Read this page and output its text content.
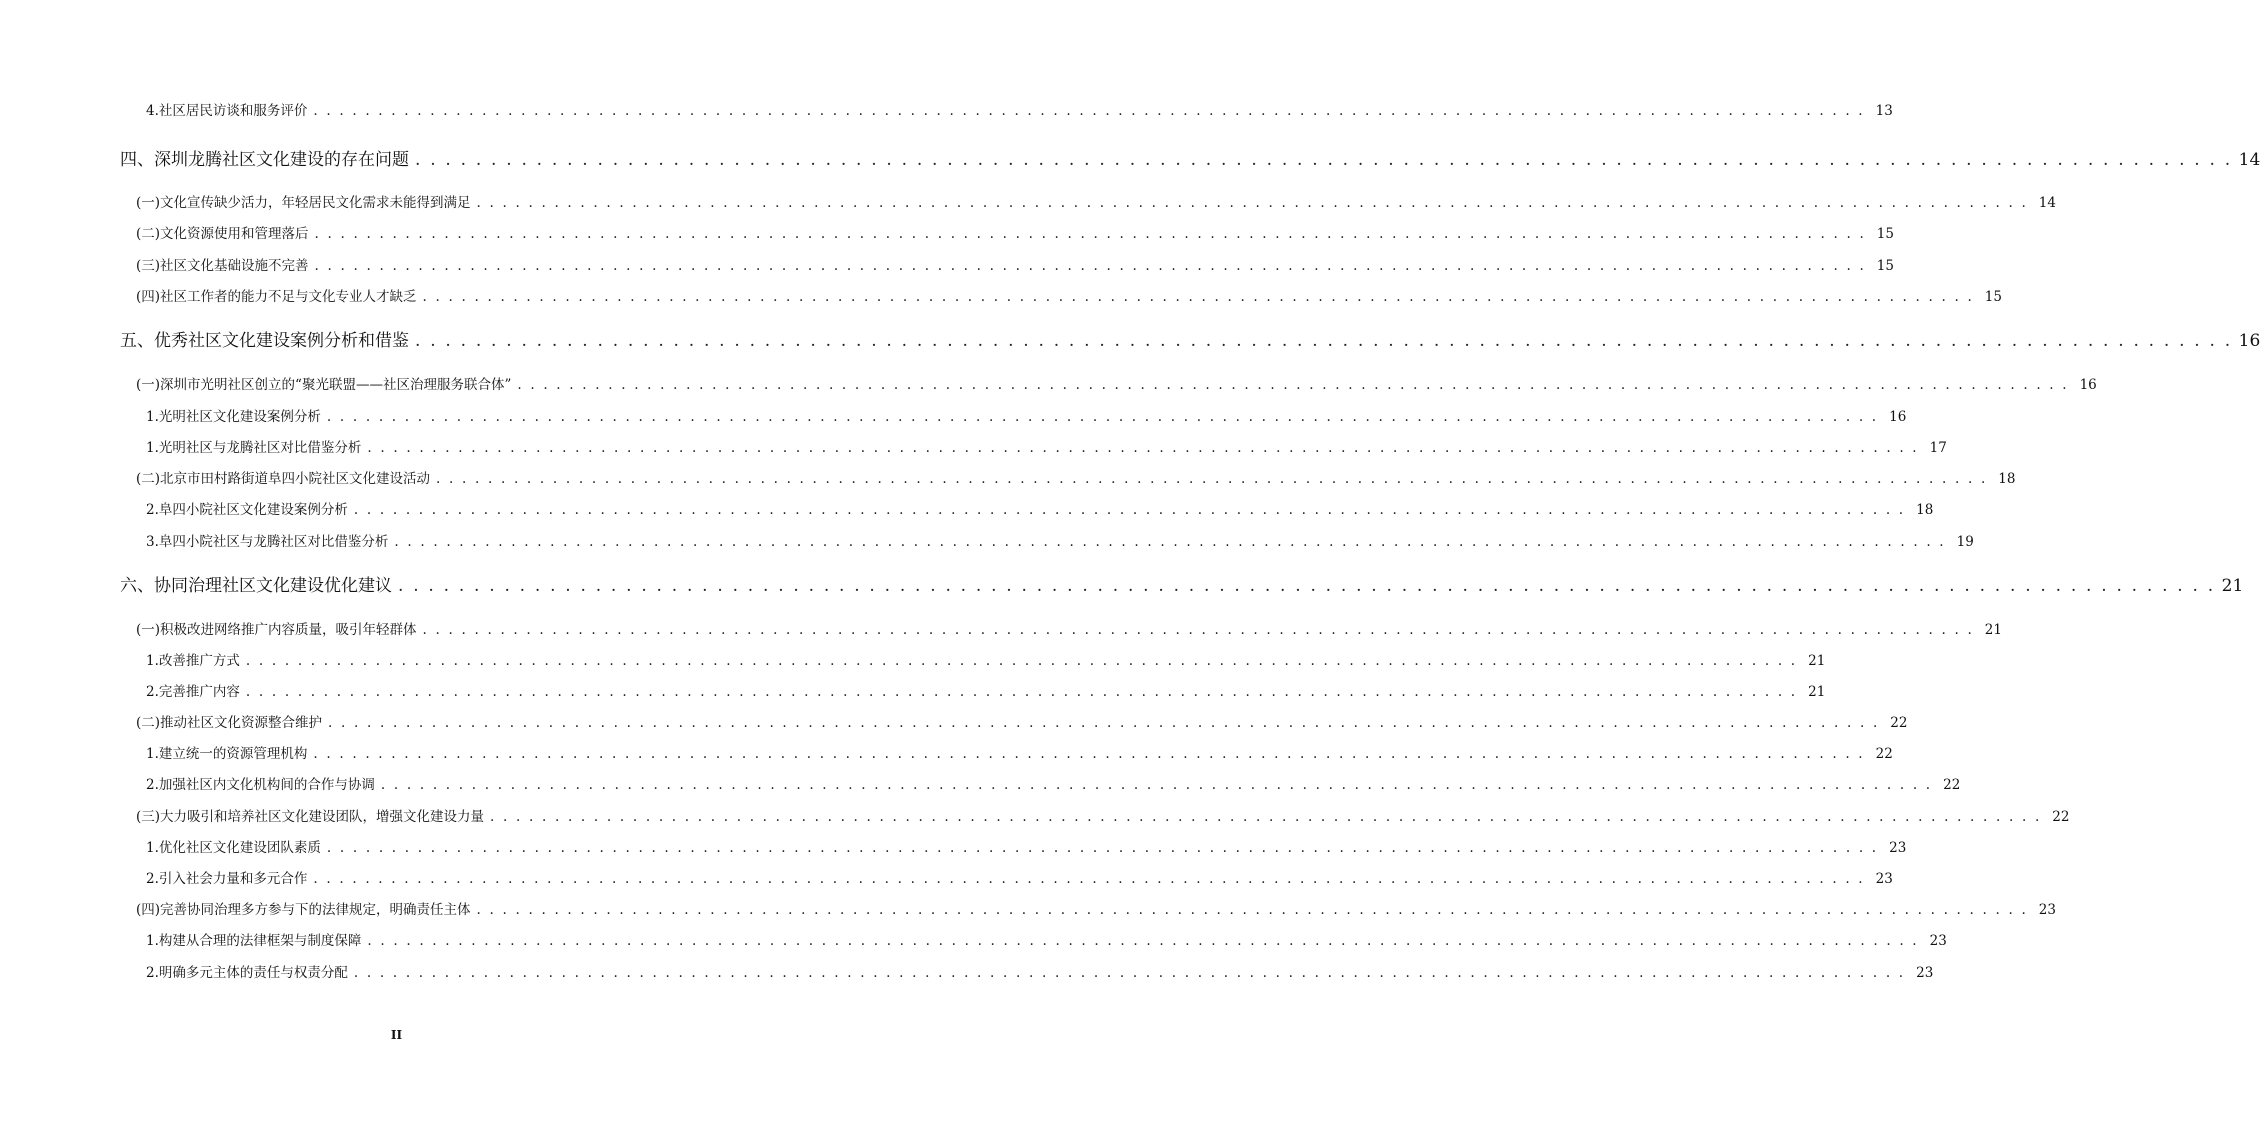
4. 社区居民访谈和服务评价 . . . . . . . . . . . . . . . . . . . . . . . . . . . . . . . . . . . . . . . . . . . . . . . . . . . . . . . . . . . . . . . . . . . . . . . . . . . . . . . . . . . . . . . . . . . . . . . . . . . . . . . . . . . . . . . . . . . . . . . . 13
四、 深圳龙腾社区文化建设的存在问题 . . . . . . . . . . . . . . . . . . . . . . . . . . . . . . . . . . . . . . . . . . . . . . . . . . . . . . . . . . . . . . . . . . . . . . . . . . . . . . . . . . . . . . . . . . . . . . . . . . . . . . . . . . . . . . . . . . . . . . . . 14
(一) 文化宣传缺少活力，年轻居民文化需求未能得到满足 . . . . . . . . . . . . . . . . . . . . . . . . . . . . . . . . . . . . . . . . . . . . . . . . . . . . . . . . . . . . . . . . . . . . . . . . . . . . . . . . . . . . . . . . . . . . . . . . . . . . . . . . . . . . . . . . . . . . . . . . 14
(二) 文化资源使用和管理落后 . . . . . . . . . . . . . . . . . . . . . . . . . . . . . . . . . . . . . . . . . . . . . . . . . . . . . . . . . . . . . . . . . . . . . . . . . . . . . . . . . . . . . . . . . . . . . . . . . . . . . . . . . . . . . . . . . . . . . . . . 15
(三) 社区文化基础设施不完善 . . . . . . . . . . . . . . . . . . . . . . . . . . . . . . . . . . . . . . . . . . . . . . . . . . . . . . . . . . . . . . . . . . . . . . . . . . . . . . . . . . . . . . . . . . . . . . . . . . . . . . . . . . . . . . . . . . . . . . . . 15
(四) 社区工作者的能力不足与文化专业人才缺乏 . . . . . . . . . . . . . . . . . . . . . . . . . . . . . . . . . . . . . . . . . . . . . . . . . . . . . . . . . . . . . . . . . . . . . . . . . . . . . . . . . . . . . . . . . . . . . . . . . . . . . . . . . . . . . . . . . . . . . . . . 15
五、 优秀社区文化建设案例分析和借鉴 . . . . . . . . . . . . . . . . . . . . . . . . . . . . . . . . . . . . . . . . . . . . . . . . . . . . . . . . . . . . . . . . . . . . . . . . . . . . . . . . . . . . . . . . . . . . . . . . . . . . . . . . . . . . . . . . . . . . . . . . 16
(一) 深圳市光明社区创立的“聚光联盟——社区治理服务联合体” . . . . . . . . . . . . . . . . . . . . . . . . . . . . . . . . . . . . . . . . . . . . . . . . . . . . . . . . . . . . . . . . . . . . . . . . . . . . . . . . . . . . . . . . . . . . . . . . . . . . . . . . . . . . . . . . . . . . . . . . 16
1. 光明社区文化建设案例分析 . . . . . . . . . . . . . . . . . . . . . . . . . . . . . . . . . . . . . . . . . . . . . . . . . . . . . . . . . . . . . . . . . . . . . . . . . . . . . . . . . . . . . . . . . . . . . . . . . . . . . . . . . . . . . . . . . . . . . . . . 16
1. 光明社区与龙腾社区对比借鉴分析 . . . . . . . . . . . . . . . . . . . . . . . . . . . . . . . . . . . . . . . . . . . . . . . . . . . . . . . . . . . . . . . . . . . . . . . . . . . . . . . . . . . . . . . . . . . . . . . . . . . . . . . . . . . . . . . . . . . . . . . . 17
(二) 北京市田村路街道阜四小院社区文化建设活动 . . . . . . . . . . . . . . . . . . . . . . . . . . . . . . . . . . . . . . . . . . . . . . . . . . . . . . . . . . . . . . . . . . . . . . . . . . . . . . . . . . . . . . . . . . . . . . . . . . . . . . . . . . . . . . . . . . . . . . . . 18
2. 阜四小院社区文化建设案例分析 . . . . . . . . . . . . . . . . . . . . . . . . . . . . . . . . . . . . . . . . . . . . . . . . . . . . . . . . . . . . . . . . . . . . . . . . . . . . . . . . . . . . . . . . . . . . . . . . . . . . . . . . . . . . . . . . . . . . . . . . 18
3. 阜四小院社区与龙腾社区对比借鉴分析 . . . . . . . . . . . . . . . . . . . . . . . . . . . . . . . . . . . . . . . . . . . . . . . . . . . . . . . . . . . . . . . . . . . . . . . . . . . . . . . . . . . . . . . . . . . . . . . . . . . . . . . . . . . . . . . . . . . . . . . . 19
六、 协同治理社区文化建设优化建议 . . . . . . . . . . . . . . . . . . . . . . . . . . . . . . . . . . . . . . . . . . . . . . . . . . . . . . . . . . . . . . . . . . . . . . . . . . . . . . . . . . . . . . . . . . . . . . . . . . . . . . . . . . . . . . . . . . . . . . . . 21
(一) 积极改进网络推广内容质量，吸引年轻群体 . . . . . . . . . . . . . . . . . . . . . . . . . . . . . . . . . . . . . . . . . . . . . . . . . . . . . . . . . . . . . . . . . . . . . . . . . . . . . . . . . . . . . . . . . . . . . . . . . . . . . . . . . . . . . . . . . . . . . . . . 21
1. 改善推广方式 . . . . . . . . . . . . . . . . . . . . . . . . . . . . . . . . . . . . . . . . . . . . . . . . . . . . . . . . . . . . . . . . . . . . . . . . . . . . . . . . . . . . . . . . . . . . . . . . . . . . . . . . . . . . . . . . . . . . . . . . 21
2. 完善推广内容 . . . . . . . . . . . . . . . . . . . . . . . . . . . . . . . . . . . . . . . . . . . . . . . . . . . . . . . . . . . . . . . . . . . . . . . . . . . . . . . . . . . . . . . . . . . . . . . . . . . . . . . . . . . . . . . . . . . . . . . . 21
(二) 推动社区文化资源整合维护 . . . . . . . . . . . . . . . . . . . . . . . . . . . . . . . . . . . . . . . . . . . . . . . . . . . . . . . . . . . . . . . . . . . . . . . . . . . . . . . . . . . . . . . . . . . . . . . . . . . . . . . . . . . . . . . . . . . . . . . . 22
1. 建立统一的资源管理机构 . . . . . . . . . . . . . . . . . . . . . . . . . . . . . . . . . . . . . . . . . . . . . . . . . . . . . . . . . . . . . . . . . . . . . . . . . . . . . . . . . . . . . . . . . . . . . . . . . . . . . . . . . . . . . . . . . . . . . . . . 22
2. 加强社区内文化机构间的合作与协调 . . . . . . . . . . . . . . . . . . . . . . . . . . . . . . . . . . . . . . . . . . . . . . . . . . . . . . . . . . . . . . . . . . . . . . . . . . . . . . . . . . . . . . . . . . . . . . . . . . . . . . . . . . . . . . . . . . . . . . . . 22
(三) 大力吸引和培养社区文化建设团队，增强文化建设力量 . . . . . . . . . . . . . . . . . . . . . . . . . . . . . . . . . . . . . . . . . . . . . . . . . . . . . . . . . . . . . . . . . . . . . . . . . . . . . . . . . . . . . . . . . . . . . . . . . . . . . . . . . . . . . . . . . . . . . . . . 22
1. 优化社区文化建设团队素质 . . . . . . . . . . . . . . . . . . . . . . . . . . . . . . . . . . . . . . . . . . . . . . . . . . . . . . . . . . . . . . . . . . . . . . . . . . . . . . . . . . . . . . . . . . . . . . . . . . . . . . . . . . . . . . . . . . . . . . . . 23
2. 引入社会力量和多元合作 . . . . . . . . . . . . . . . . . . . . . . . . . . . . . . . . . . . . . . . . . . . . . . . . . . . . . . . . . . . . . . . . . . . . . . . . . . . . . . . . . . . . . . . . . . . . . . . . . . . . . . . . . . . . . . . . . . . . . . . . 23
(四) 完善协同治理多方参与下的法律规定，明确责任主体 . . . . . . . . . . . . . . . . . . . . . . . . . . . . . . . . . . . . . . . . . . . . . . . . . . . . . . . . . . . . . . . . . . . . . . . . . . . . . . . . . . . . . . . . . . . . . . . . . . . . . . . . . . . . . . . . . . . . . . . . 23
1. 构建从合理的法律框架与制度保障 . . . . . . . . . . . . . . . . . . . . . . . . . . . . . . . . . . . . . . . . . . . . . . . . . . . . . . . . . . . . . . . . . . . . . . . . . . . . . . . . . . . . . . . . . . . . . . . . . . . . . . . . . . . . . . . . . . . . . . . . 23
2. 明确多元主体的责任与权责分配 . . . . . . . . . . . . . . . . . . . . . . . . . . . . . . . . . . . . . . . . . . . . . . . . . . . . . . . . . . . . . . . . . . . . . . . . . . . . . . . . . . . . . . . . . . . . . . . . . . . . . . . . . . . . . . . . . . . . . . . . 23
II
